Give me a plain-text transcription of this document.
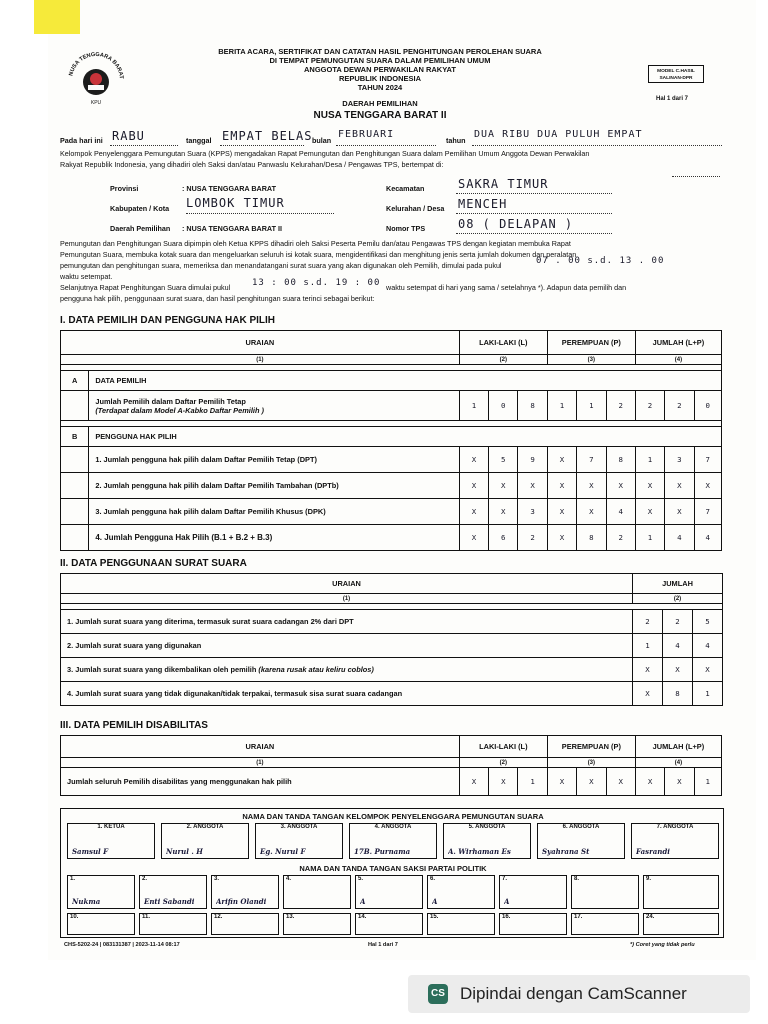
NUSA TENGGARA BARAT
KPU
BERITA ACARA, SERTIFIKAT DAN CATATAN HASIL PENGHITUNGAN PEROLEHAN SUARA
DI TEMPAT PEMUNGUTAN SUARA DALAM PEMILIHAN UMUM
ANGGOTA DEWAN PERWAKILAN RAKYAT
REPUBLIK INDONESIA
TAHUN 2024
DAERAH PEMILIHAN
NUSA TENGGARA BARAT II
MODEL C.HASIL SALINAN-DPR
Hal 1 dari 7
Pada hari ini RABU	tanggal EMPAT BELAS bulan
FEBRUARI
tahun
DUA RIBU DUA PULUH EMPAT
Kelompok Penyelenggara Pemungutan Suara (KPPS) mengadakan Rapat Pemungutan dan Penghitungan Suara dalam Pemilihan Umum Anggota Dewan Perwakilan
Rakyat Republik Indonesia, yang dihadiri oleh Saksi dan/atau Panwaslu Kelurahan/Desa / Pengawas TPS, bertempat di:
Provinsi	: NUSA TENGGARA BARAT
Kabupaten / Kota LOMBOK TIMUR
Daerah Pemilihan : NUSA TENGGARA BARAT II
Kecamatan	SAKRA TIMUR
Kelurahan / Desa MENCEH
Nomor TPS	08 ( DELAPAN )
Pemungutan dan Penghitungan Suara dipimpin oleh Ketua KPPS dihadiri oleh Saksi Peserta Pemilu dan/atau Pengawas TPS dengan kegiatan membuka Rapat
Pemungutan Suara, membuka kotak suara dan mengeluarkan seluruh isi kotak suara, mengidentifikasi dan menghitung jenis serta jumlah dokumen dan peralatan
pemungutan dan penghitungan suara, memeriksa dan menandatangani surat suara yang akan digunakan oleh Pemilih, dimulai pada pukul	07 . 00 s.d. 13 . 00
waktu setempat.
Selanjutnya Rapat Penghitungan Suara dimulai pukul	13 : 00 s.d. 19 : 00 waktu setempat di hari yang sama / setelahnya *). Adapun data pemilih dan
pengguna hak pilih, penggunaan surat suara, dan hasil penghitungan suara terinci sebagai berikut:
I. DATA PEMILIH DAN PENGGUNA HAK PILIH
URAIAN		LAKI-LAKI (L)			PEREMPUAN (P)			JUMLAH (L+P)		
(1)		(2)			(3)			(4)		

A	DATA PEMILIH									

	Jumlah Pemilih dalam Daftar Pemilih Tetap
(Terdapat dalam Model A-Kabko Daftar Pemilih )	1	0	8	1	1	2	2	2	0

B	PENGGUNA HAK PILIH									
	1. Jumlah pengguna hak pilih dalam Daftar Pemilih Tetap (DPT)	X	5	9	X	7	8	1	3	7
	2. Jumlah pengguna hak pilih dalam Daftar Pemilih Tambahan (DPTb)	X	X	X	X	X	X	X	X	X
	3. Jumlah pengguna hak pilih dalam Daftar Pemilih Khusus (DPK)	X	X	3	X	X	4	X	X	7
	4. Jumlah Pengguna Hak Pilih (B.1 + B.2 + B.3)	X	6	2	X	8	2	1	4	4
II. DATA PENGGUNAAN SURAT SUARA
URAIAN	JUMLAH		
(1)	(2)		

1. Jumlah surat suara yang diterima, termasuk surat suara cadangan 2% dari DPT	2	2	5
2. Jumlah surat suara yang digunakan	1	4	4
3. Jumlah surat suara yang dikembalikan oleh pemilih (karena rusak atau keliru coblos)	X	X	X
4. Jumlah surat suara yang tidak digunakan/tidak terpakai, termasuk sisa surat suara cadangan	X	8	1
III. DATA PEMILIH DISABILITAS
URAIAN	LAKI-LAKI (L)			PEREMPUAN (P)			JUMLAH (L+P)		
(1)	(2)			(3)			(4)		
Jumlah seluruh Pemilih disabilitas yang menggunakan hak pilih	X	X	1	X	X	X	X	X	1
NAMA DAN TANDA TANGAN KELOMPOK PENYELENGGARA PEMUNGUTAN SUARA
1. KETUA
Samsul F
2. ANGGOTA
Nurul . H
3. ANGGOTA
Eg. Nurul F
4. ANGGOTA
17B. Purnama
5. ANGGOTA
A. Wirhaman Es
6. ANGGOTA
Syahrana St
7. ANGGOTA
Fasrandi
NAMA DAN TANDA TANGAN SAKSI PARTAI POLITIK
1.
Nukma
2.
Enti Sabandi
3.
Arifin Olandi
4.	5.
A
6.
A
7.
A
8.	9.
10.	11.	12.	13.	14.	15.	16.	17.	24.
CHS-5202-24 | 083131387 | 2023-11-14 08:17	Hal 1 dari 7	*) Coret yang tidak perlu
CS Dipindai dengan CamScanner
